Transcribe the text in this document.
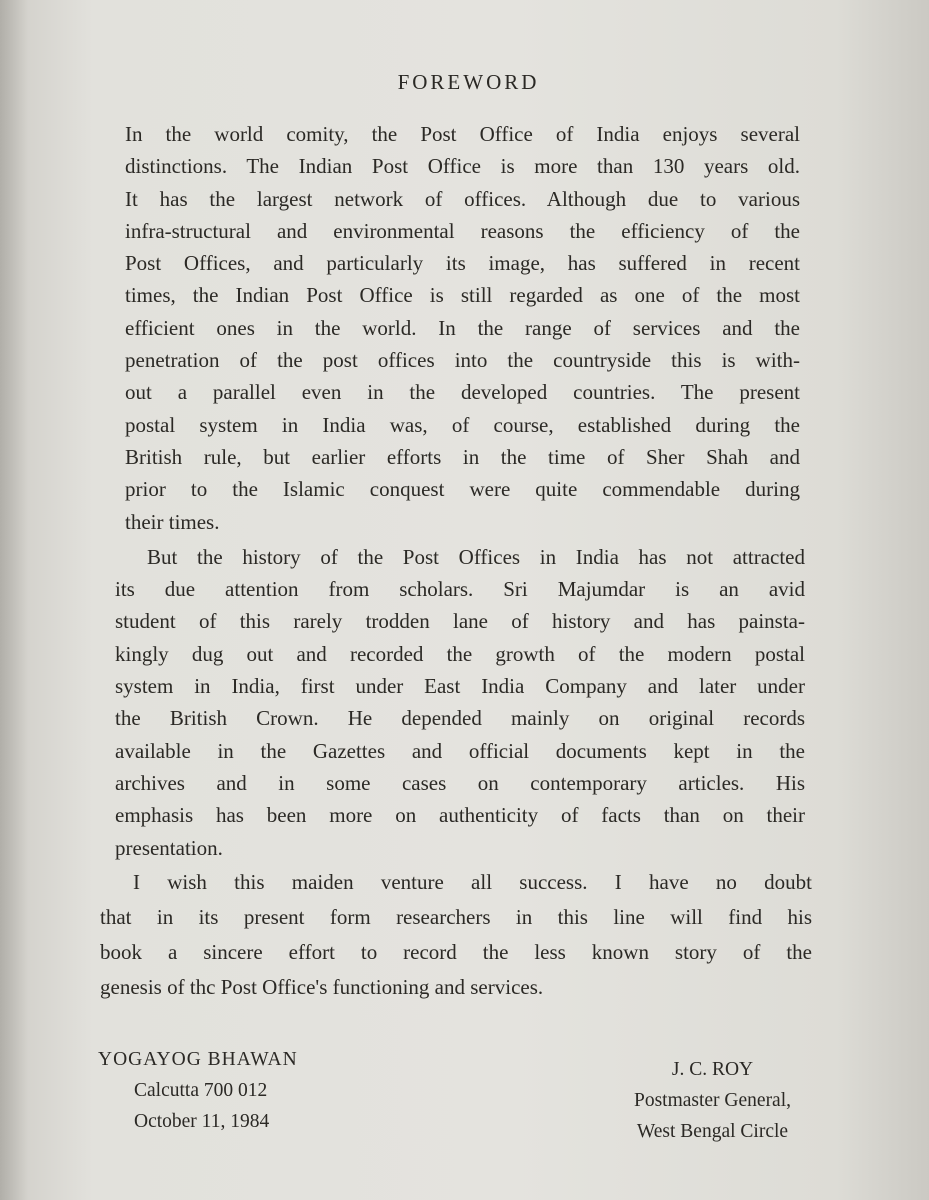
FOREWORD
In the world comity, the Post Office of India enjoys several
distinctions. The Indian Post Office is more than 130 years old.
It has the largest network of offices. Although due to various
infra-structural and environmental reasons the efficiency of the
Post Offices, and particularly its image, has suffered in recent
times, the Indian Post Office is still regarded as one of the most
efficient ones in the world. In the range of services and the
penetration of the post offices into the countryside this is with-
out a parallel even in the developed countries. The present
postal system in India was, of course, established during the
British rule, but earlier efforts in the time of Sher Shah and
prior to the Islamic conquest were quite commendable during
their times.
But the history of the Post Offices in India has not attracted
its due attention from scholars. Sri Majumdar is an avid
student of this rarely trodden lane of history and has painsta-
kingly dug out and recorded the growth of the modern postal
system in India, first under East India Company and later under
the British Crown. He depended mainly on original records
available in the Gazettes and official documents kept in the
archives and in some cases on contemporary articles. His
emphasis has been more on authenticity of facts than on their
presentation.
I wish this maiden venture all success. I have no doubt
that in its present form researchers in this line will find his
book a sincere effort to record the less known story of the
genesis of thc Post Office's functioning and services.
YOGAYOG BHAWAN
Calcutta 700 012
October 11, 1984
J. C. ROY
Postmaster General,
West Bengal Circle
